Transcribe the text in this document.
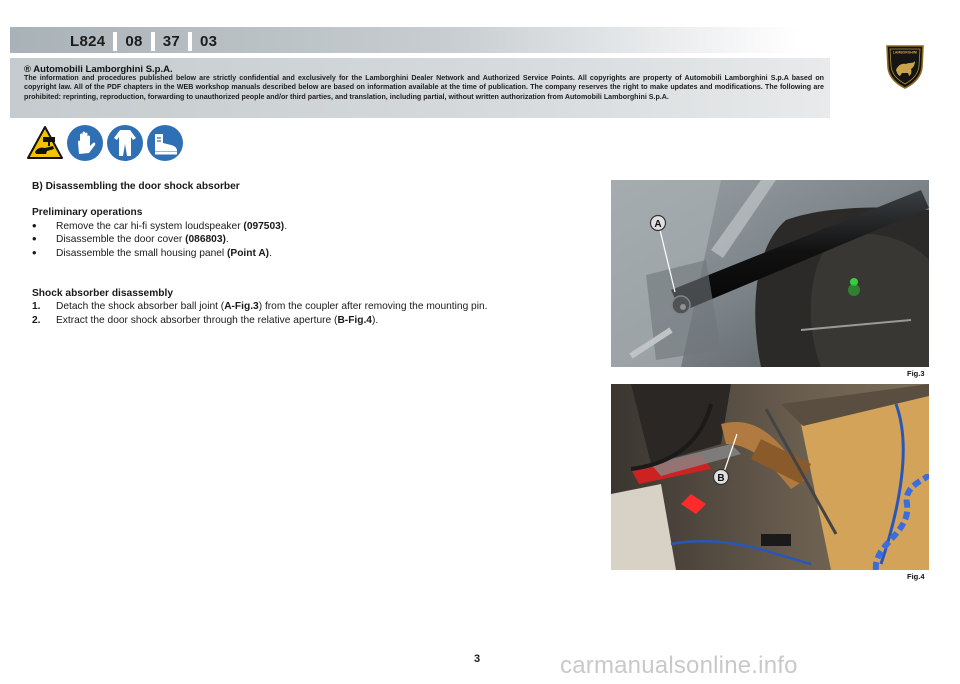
L824 08 37 03
LAMBORGHINI
® Automobili Lamborghini S.p.A.
The information and procedures published below are strictly confidential and exclusively for the Lamborghini Dealer Network and Authorized Service Points. All copyrights are property of Automobili Lamborghini S.p.A based on copyright law. All of the PDF chapters in the WEB workshop manuals described below are based on information available at the time of publication. The company reserves the right to make updates and modifications. The following are prohibited: reprinting, reproduction, forwarding to unauthorized people and/or third parties, and translation, including partial, without written authorization from Automobili Lamborghini S.p.A.

B) Disassembling the door shock absorber

Preliminary operations

• Remove the car hi-fi system loudspeaker (097503).

• Disassemble the door cover (086803).

• Disassemble the small housing panel (Point A).

Shock absorber disassembly

1. Detach the shock absorber ball joint (A-Fig.3) from the coupler after removing the mounting pin.

2. Extract the door shock absorber through the relative aperture (B-Fig.4).

A
Fig.3
B
Fig.4
3	carmanualsonline.info
